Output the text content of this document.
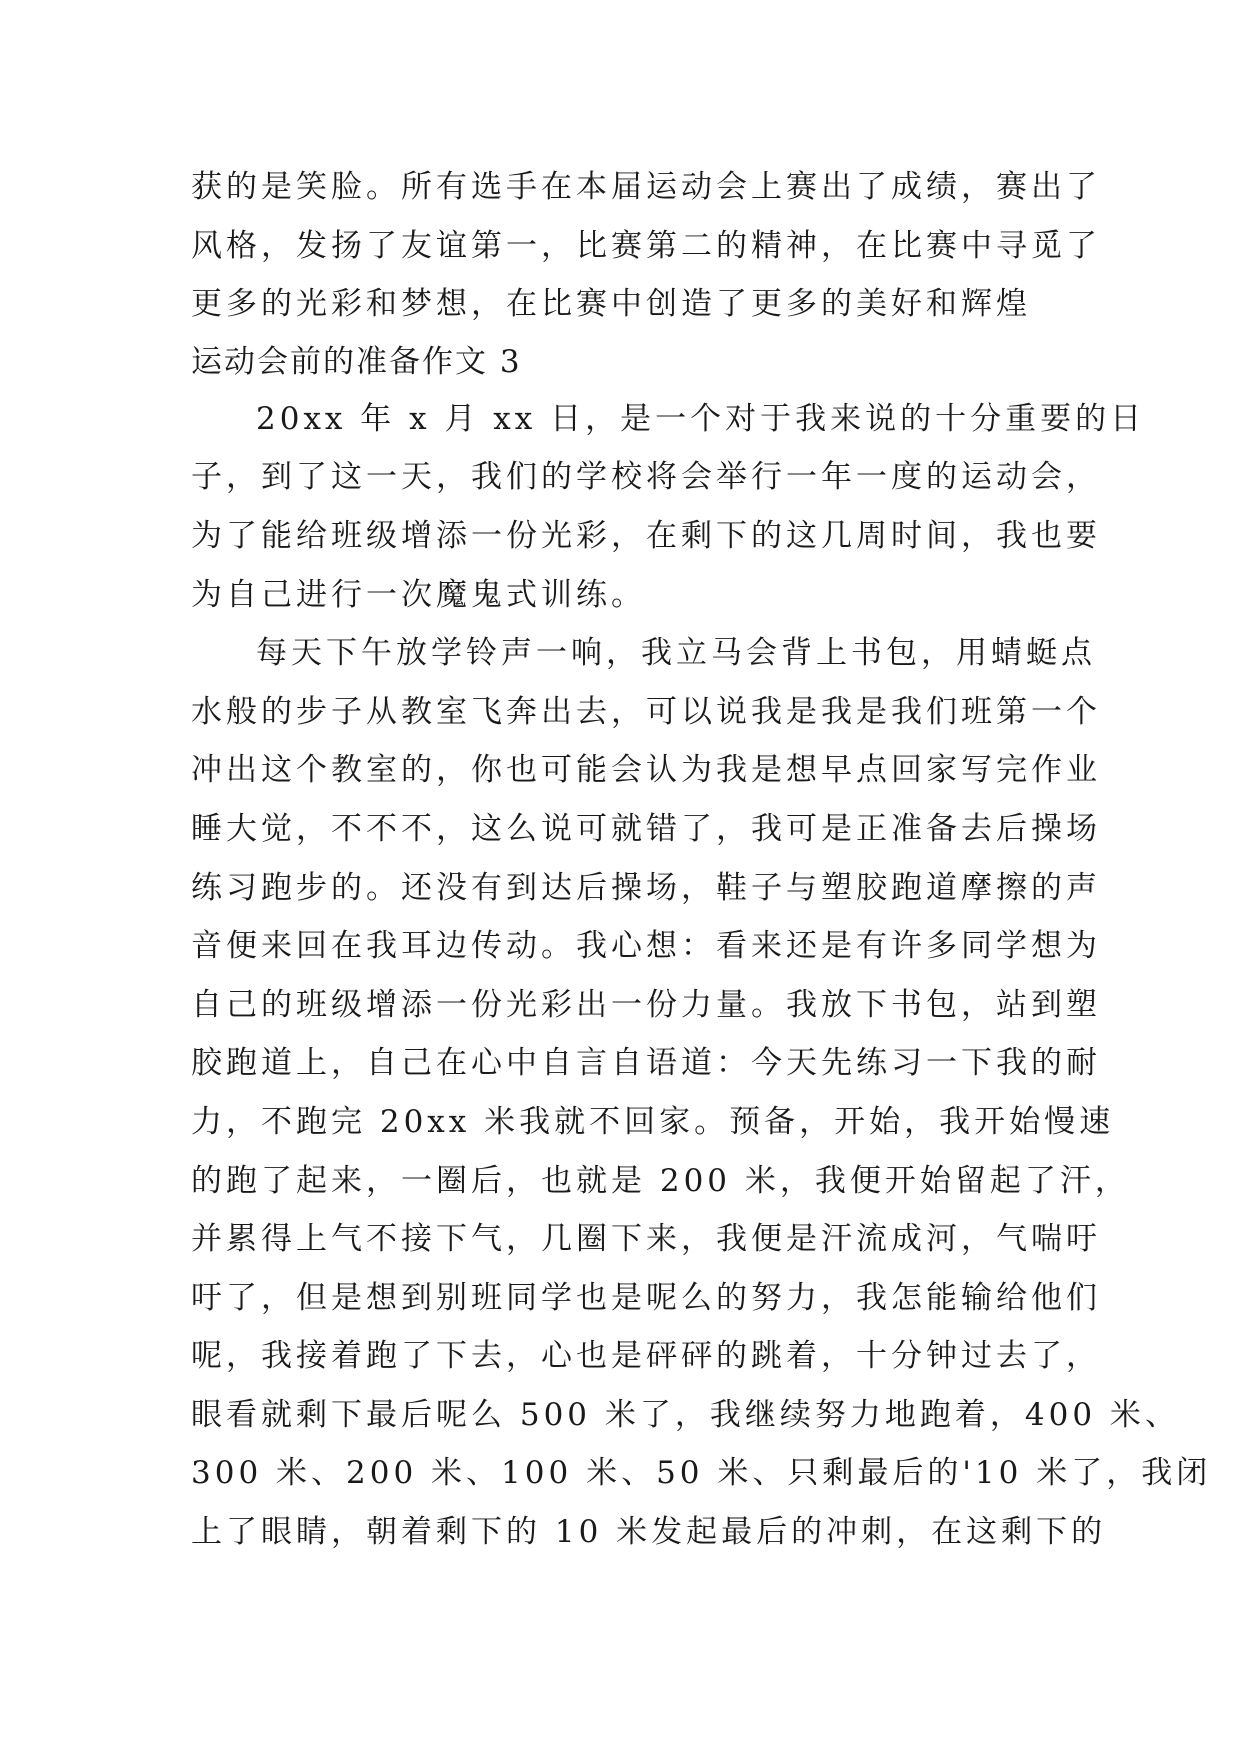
获的是笑脸。所有选手在本届运动会上赛出了成绩，赛出了
风格，发扬了友谊第一，比赛第二的精神，在比赛中寻觅了
更多的光彩和梦想，在比赛中创造了更多的美好和辉煌
运动会前的准备作文 3
20xx 年 x 月 xx 日，是一个对于我来说的十分重要的日
子，到了这一天，我们的学校将会举行一年一度的运动会，
为了能给班级增添一份光彩，在剩下的这几周时间，我也要
为自己进行一次魔鬼式训练。
每天下午放学铃声一响，我立马会背上书包，用蜻蜓点
水般的步子从教室飞奔出去，可以说我是我是我们班第一个
冲出这个教室的，你也可能会认为我是想早点回家写完作业
睡大觉，不不不，这么说可就错了，我可是正准备去后操场
练习跑步的。还没有到达后操场，鞋子与塑胶跑道摩擦的声
音便来回在我耳边传动。我心想：看来还是有许多同学想为
自己的班级增添一份光彩出一份力量。我放下书包，站到塑
胶跑道上，自己在心中自言自语道：今天先练习一下我的耐
力，不跑完 20xx 米我就不回家。预备，开始，我开始慢速
的跑了起来，一圈后，也就是 200 米，我便开始留起了汗，
并累得上气不接下气，几圈下来，我便是汗流成河，气喘吁
吁了，但是想到别班同学也是呢么的努力，我怎能输给他们
呢，我接着跑了下去，心也是砰砰的跳着，十分钟过去了，
眼看就剩下最后呢么 500 米了，我继续努力地跑着，400 米、
300 米、200 米、100 米、50 米、只剩最后的'10 米了，我闭
上了眼睛，朝着剩下的 10 米发起最后的冲刺，在这剩下的
